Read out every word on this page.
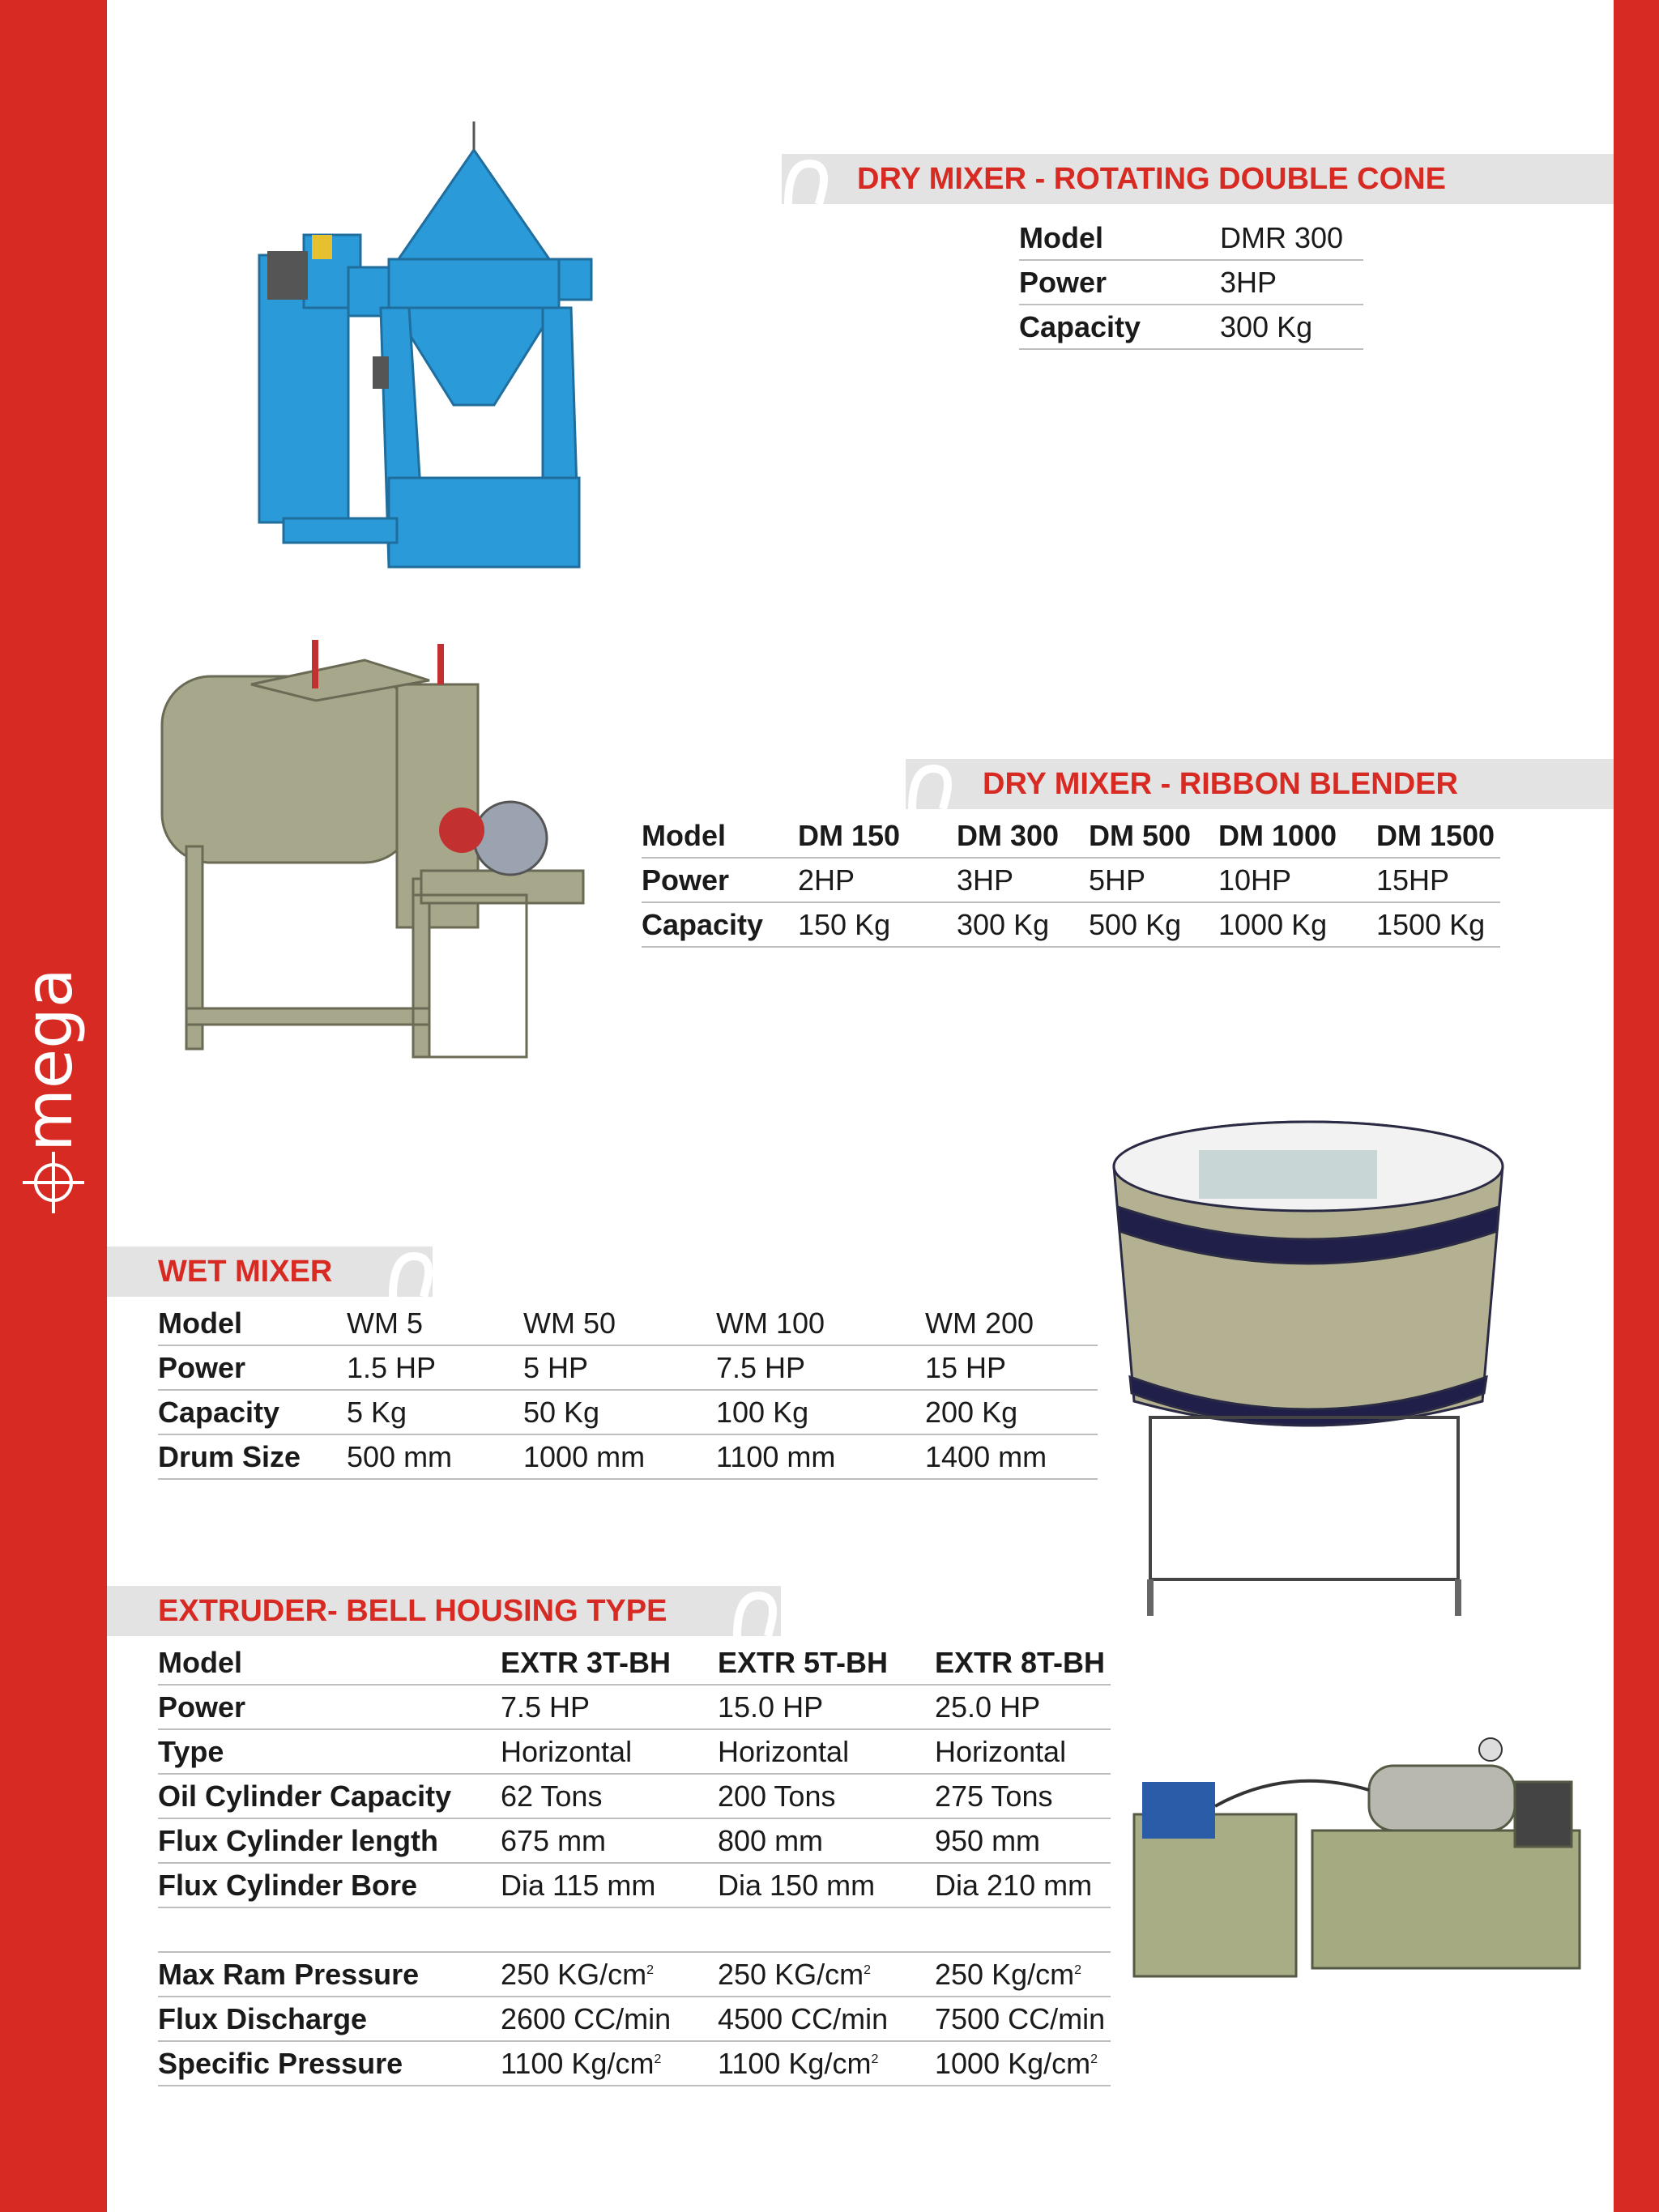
mega
DRY MIXER - ROTATING DOUBLE CONE
Model	DMR 300
Power	3HP
Capacity	300 Kg
DRY MIXER - RIBBON BLENDER
Model	DM 150	DM 300	DM 500	DM 1000	DM 1500
Power	2HP	3HP	5HP	10HP	15HP
Capacity	150 Kg	300 Kg	500 Kg	1000 Kg	1500 Kg
WET MIXER
Model	WM 5	WM 50	WM 100	WM 200
Power	1.5 HP	5 HP	7.5 HP	15 HP
Capacity	5 Kg	50 Kg	100 Kg	200 Kg
Drum Size	500 mm	1000 mm	1100 mm	1400 mm
EXTRUDER- BELL HOUSING TYPE
Model	EXTR 3T-BH	EXTR 5T-BH	EXTR 8T-BH
Power	7.5 HP	15.0 HP	25.0 HP
Type	Horizontal	Horizontal	Horizontal
Oil Cylinder Capacity	62 Tons	200 Tons	275 Tons
Flux Cylinder length	675 mm	800 mm	950 mm
Flux Cylinder Bore	Dia 115 mm	Dia 150 mm	Dia 210 mm

Max Ram Pressure	250 $KG/cm^2$	250 $KG/cm^2$	250 $Kg/cm^2$
Flux Discharge	2600 CC/min	4500 CC/min	7500 CC/min
Specific Pressure	1100 $Kg/cm^2$	1100 $Kg/cm^2$	1000 $Kg/cm^2$
